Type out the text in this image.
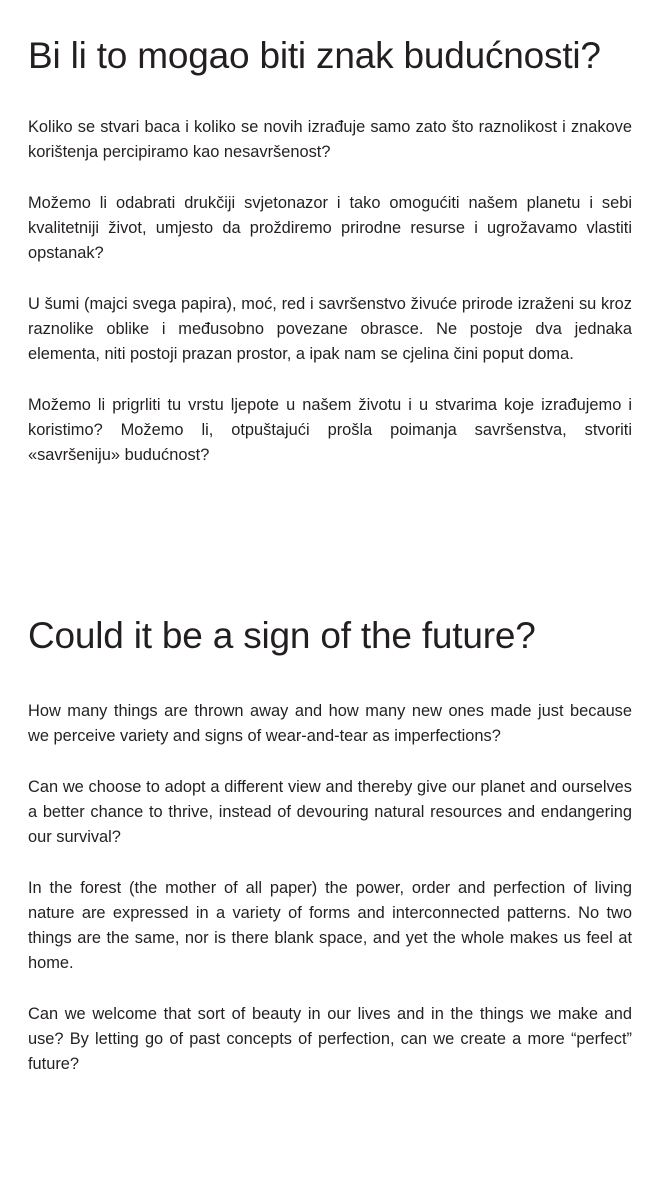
Bi li to mogao biti znak budućnosti?

Koliko se stvari baca i koliko se novih izrađuje samo zato što raznolikost i znakove korištenja percipiramo kao nesavršenost?

Možemo li odabrati drukčiji svjetonazor i tako omogućiti našem planetu i sebi kvalitetniji život, umjesto da proždiremo prirodne resurse i ugrožavamo vlastiti opstanak?

U šumi (majci svega papira), moć, red i savršenstvo živuće prirode izraženi su kroz raznolike oblike i međusobno povezane obrasce. Ne postoje dva jednaka elementa, niti postoji prazan prostor, a ipak nam se cjelina čini poput doma.

Možemo li prigrliti tu vrstu ljepote u našem životu i u stvarima koje izrađujemo i koristimo? Možemo li, otpuštajući prošla poimanja savršenstva, stvoriti «savršeniju» budućnost?

Could it be a sign of the future?

How many things are thrown away and how many new ones made just because we perceive variety and signs of wear-and-tear as imperfections?

Can we choose to adopt a different view and thereby give our planet and ourselves a better chance to thrive, instead of devouring natural resources and endangering our survival?

In the forest (the mother of all paper) the power, order and perfection of living nature are expressed in a variety of forms and interconnected patterns. No two things are the same, nor is there blank space, and yet the whole makes us feel at home.

Can we welcome that sort of beauty in our lives and in the things we make and use? By letting go of past concepts of perfection, can we create a more “perfect” future?
